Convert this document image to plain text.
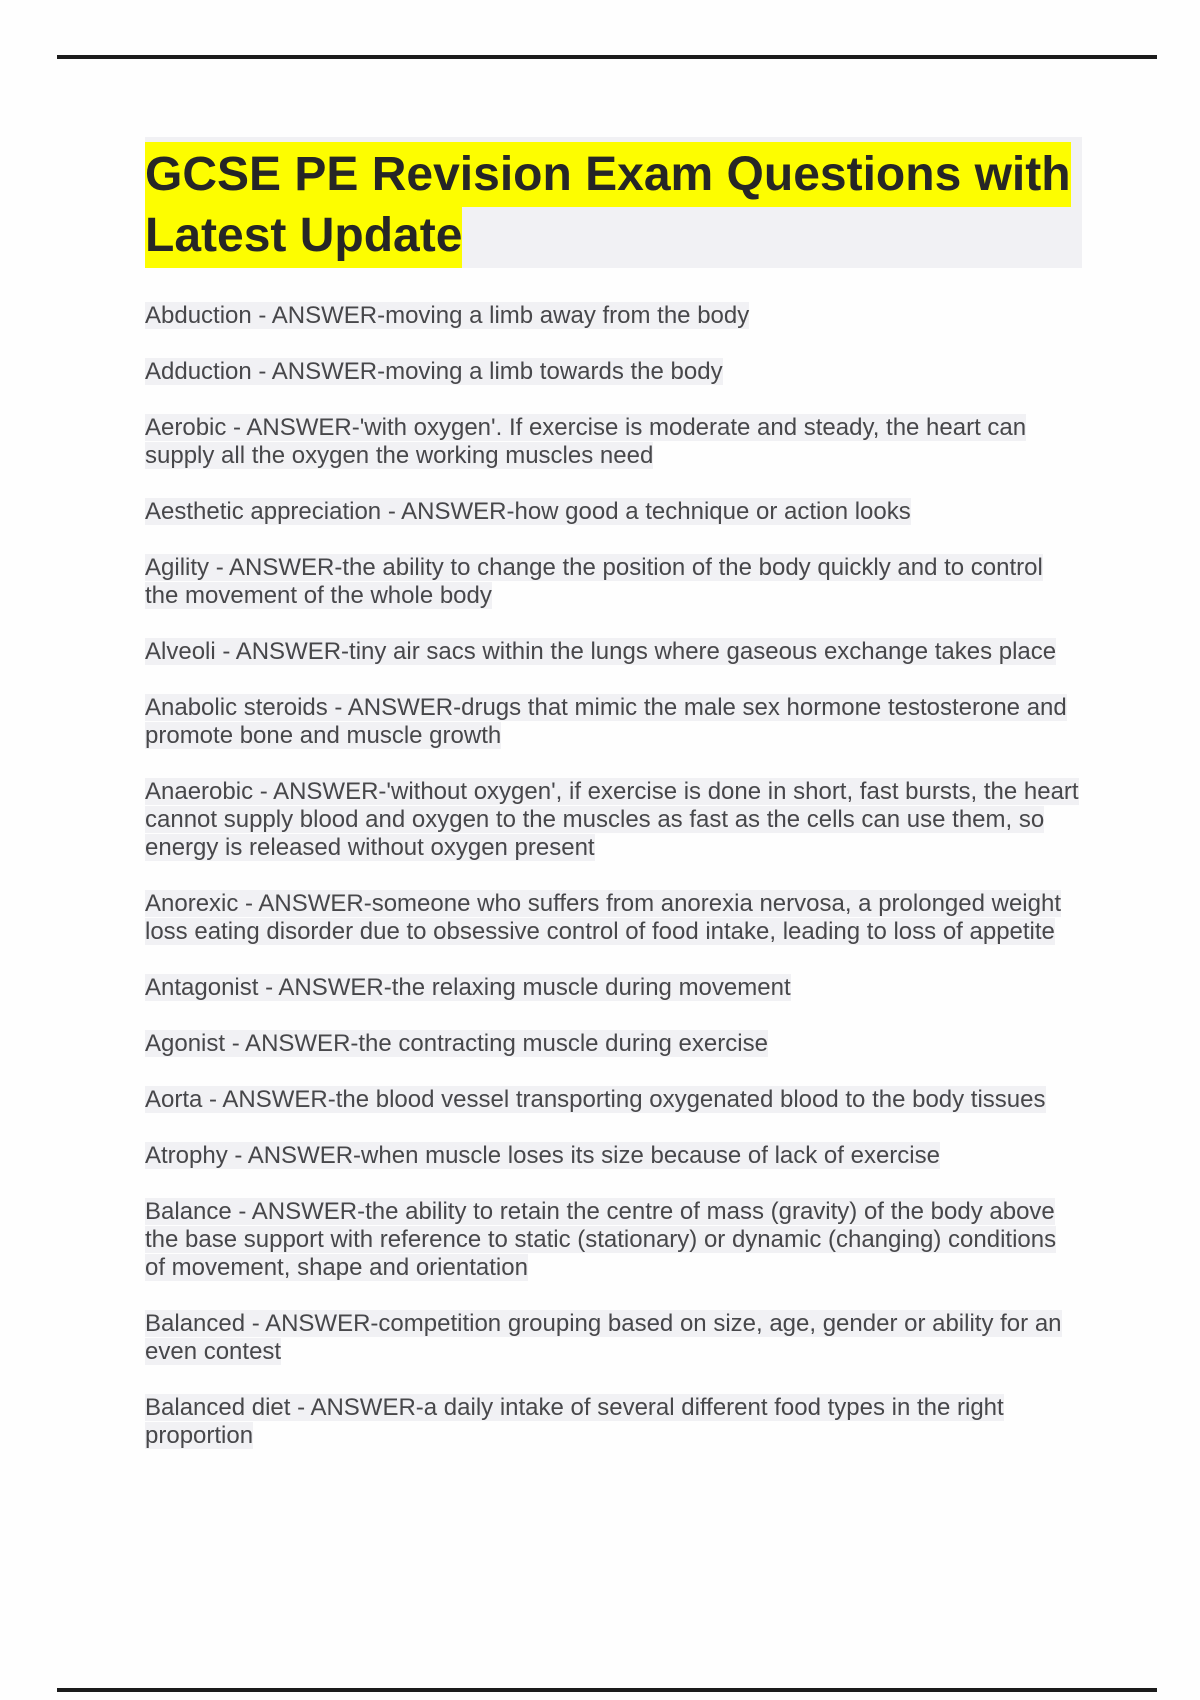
GCSE PE Revision Exam Questions with Latest Update

Abduction - ANSWER-moving a limb away from the body

Adduction - ANSWER-moving a limb towards the body

Aerobic - ANSWER-'with oxygen'. If exercise is moderate and steady, the heart can supply all the oxygen the working muscles need

Aesthetic appreciation - ANSWER-how good a technique or action looks

Agility - ANSWER-the ability to change the position of the body quickly and to control the movement of the whole body

Alveoli - ANSWER-tiny air sacs within the lungs where gaseous exchange takes place

Anabolic steroids - ANSWER-drugs that mimic the male sex hormone testosterone and promote bone and muscle growth

Anaerobic - ANSWER-'without oxygen', if exercise is done in short, fast bursts, the heart cannot supply blood and oxygen to the muscles as fast as the cells can use them, so energy is released without oxygen present

Anorexic - ANSWER-someone who suffers from anorexia nervosa, a prolonged weight loss eating disorder due to obsessive control of food intake, leading to loss of appetite

Antagonist - ANSWER-the relaxing muscle during movement

Agonist - ANSWER-the contracting muscle during exercise

Aorta - ANSWER-the blood vessel transporting oxygenated blood to the body tissues

Atrophy - ANSWER-when muscle loses its size because of lack of exercise

Balance - ANSWER-the ability to retain the centre of mass (gravity) of the body above the base support with reference to static (stationary) or dynamic (changing) conditions of movement, shape and orientation

Balanced - ANSWER-competition grouping based on size, age, gender or ability for an even contest

Balanced diet - ANSWER-a daily intake of several different food types in the right proportion
